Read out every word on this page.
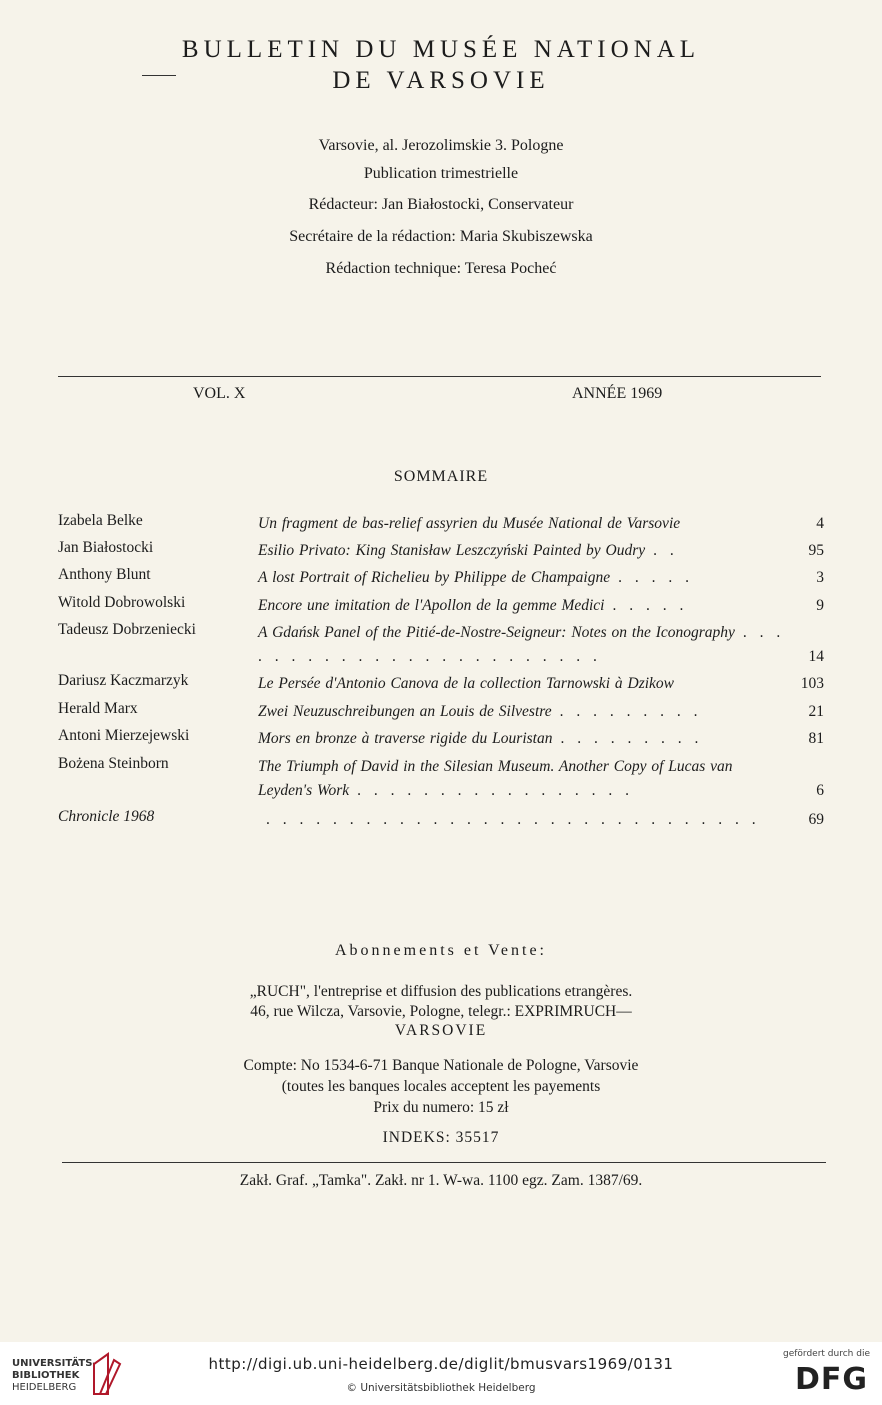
BULLETIN DU MUSÉE NATIONAL
DE VARSOVIE
Varsovie, al. Jerozolimskie 3. Pologne
Publication trimestrielle
Rédacteur: Jan Białostocki, Conservateur
Secrétaire de la rédaction: Maria Skubiszewska
Rédaction technique: Teresa Pocheć
VOL. X	ANNÉE 1969
SOMMAIRE
Izabela Belke	Un fragment de bas-relief assyrien du Musée National de Varsovie	4
Jan Białostocki	Esilio Privato: King Stanisław Leszczyński Painted by Oudry . .	95
Anthony Blunt	A lost Portrait of Richelieu by Philippe de Champaigne . . . . .	3
Witold Dobrowolski	Encore une imitation de l'Apollon de la gemme Medici . . . . .	9
Tadeusz Dobrzeniecki	A Gdańsk Panel of the Pitié-de-Nostre-Seigneur: Notes on the Iconography . . . . . . . . . . . . . . . . . . . . . . . .	14
Dariusz Kaczmarzyk	Le Persée d'Antonio Canova de la collection Tarnowski à Dzikow	103
Herald Marx	Zwei Neuzuschreibungen an Louis de Silvestre . . . . . . . . .	21
Antoni Mierzejewski	Mors en bronze à traverse rigide du Louristan . . . . . . . . .	81
Bożena Steinborn	The Triumph of David in the Silesian Museum. Another Copy of Lucas van Leyden's Work . . . . . . . . . . . . . . . . .	6
Chronicle 1968	. . . . . . . . . . . . . . . . . . . . . . . . . . . . . .	69
Abonnements et Vente:
„RUCH", l'entreprise et diffusion des publications etrangères.
46, rue Wilcza, Varsovie, Pologne, telegr.: EXPRIMRUCH—
VARSOVIE
Compte: No 1534-6-71 Banque Nationale de Pologne, Varsovie
(toutes les banques locales acceptent les payements
Prix du numero: 15 zł
INDEKS: 35517
Zakł. Graf. „Tamka". Zakł. nr 1. W-wa. 1100 egz. Zam. 1387/69.
UNIVERSITÄTS-
BIBLIOTHEK
HEIDELBERG
http://digi.ub.uni-heidelberg.de/diglit/bmusvars1969/0131
© Universitätsbibliothek Heidelberg
gefördert durch die
DFG
